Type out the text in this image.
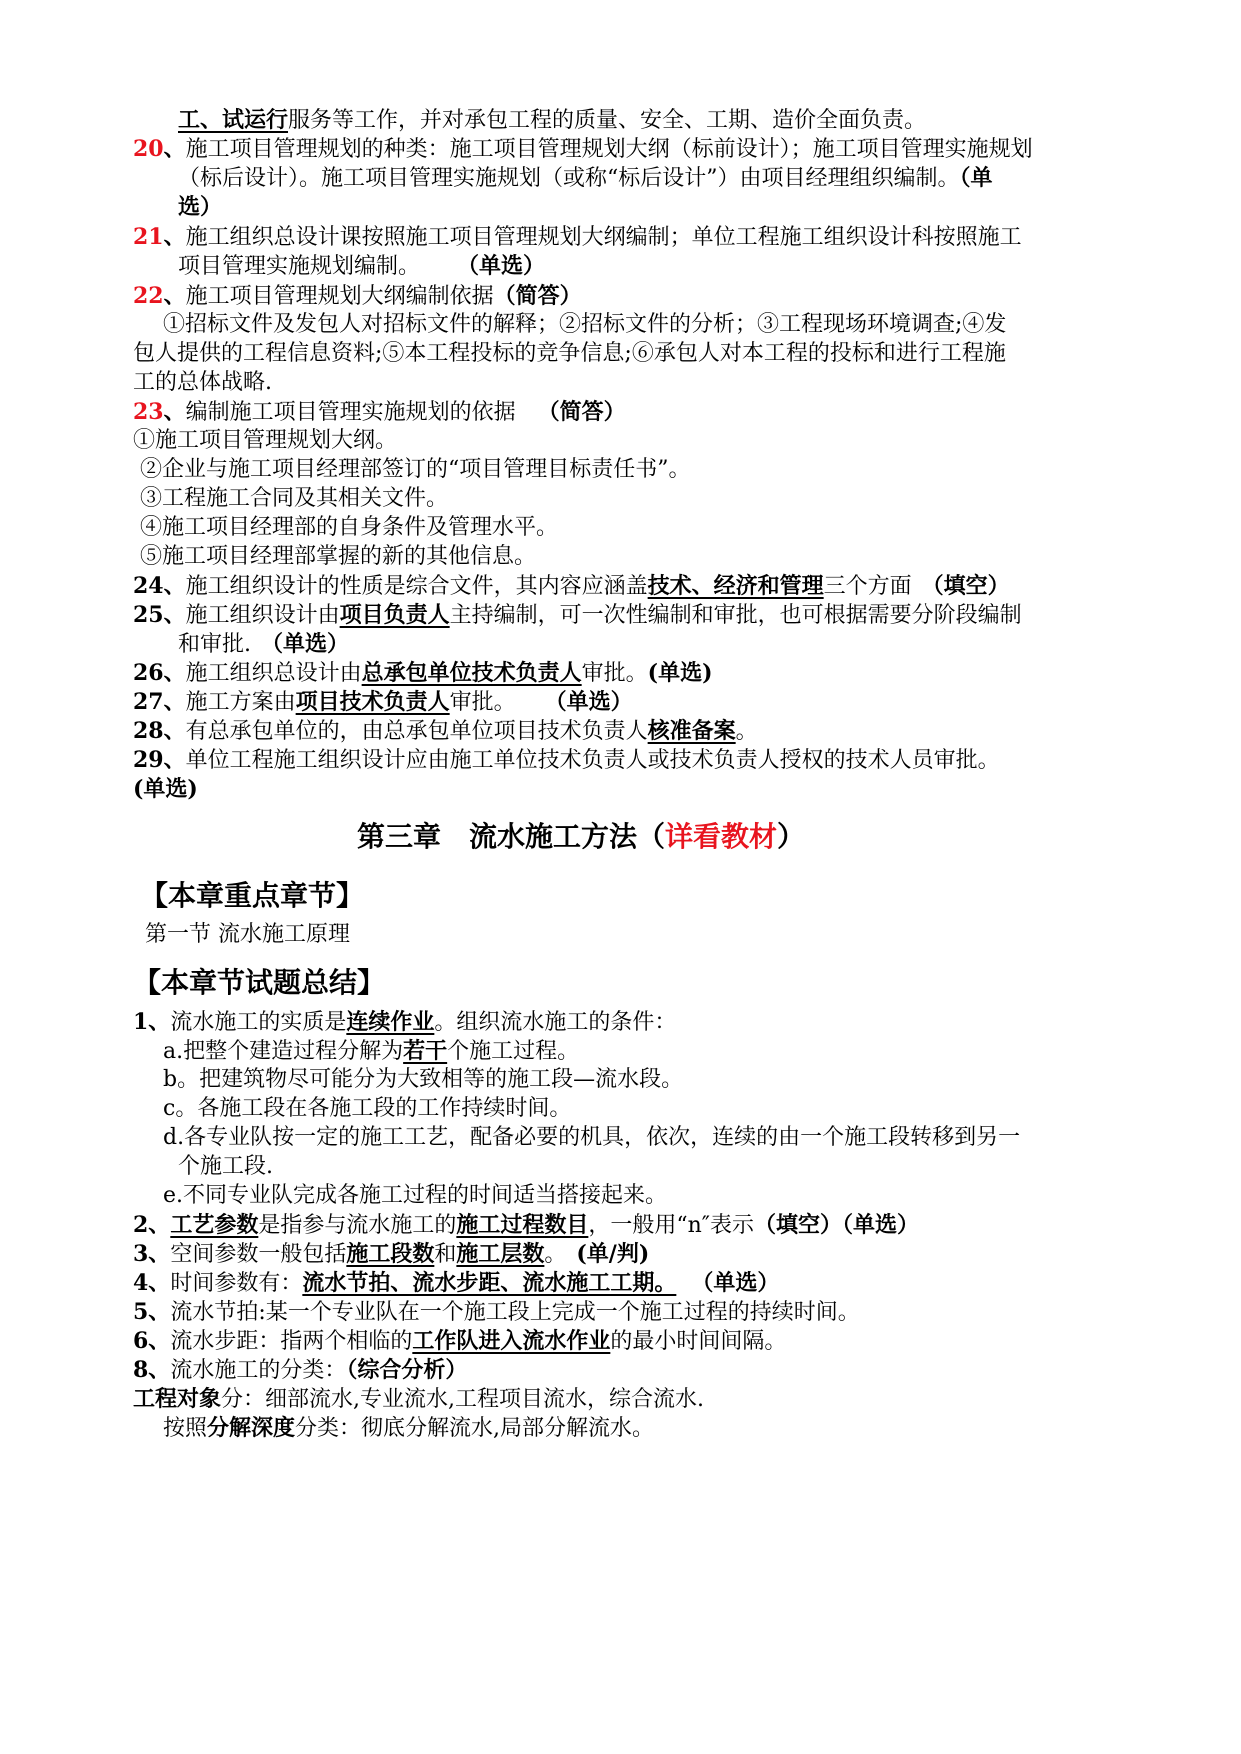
工、试运行服务等工作，并对承包工程的质量、安全、工期、造价全面负责。
20、施工项目管理规划的种类：施工项目管理规划大纲（标前设计）；施工项目管理实施规划
（标后设计）。施工项目管理实施规划（或称“标后设计”）由项目经理组织编制。（单
选）
21、施工组织总设计课按照施工项目管理规划大纲编制；单位工程施工组织设计科按照施工
项目管理实施规划编制。 （单选）
22、施工项目管理规划大纲编制依据（简答）
①招标文件及发包人对招标文件的解释；②招标文件的分析；③工程现场环境调查;④发
包人提供的工程信息资料;⑤本工程投标的竞争信息;⑥承包人对本工程的投标和进行工程施
工的总体战略.
23、编制施工项目管理实施规划的依据 （简答）
①施工项目管理规划大纲。
②企业与施工项目经理部签订的“项目管理目标责任书”。
③工程施工合同及其相关文件。
④施工项目经理部的自身条件及管理水平。
⑤施工项目经理部掌握的新的其他信息。
24、施工组织设计的性质是综合文件，其内容应涵盖技术、经济和管理三个方面 （填空）
25、施工组织设计由项目负责人主持编制，可一次性编制和审批，也可根据需要分阶段编制
和审批. （单选）
26、施工组织总设计由总承包单位技术负责人审批。(单选)
27、施工方案由项目技术负责人审批。 （单选）
28、有总承包单位的，由总承包单位项目技术负责人核准备案。
29、单位工程施工组织设计应由施工单位技术负责人或技术负责人授权的技术人员审批。
(单选)
第三章 流水施工方法（详看教材）
【本章重点章节】
第一节 流水施工原理
【本章节试题总结】
1、流水施工的实质是连续作业。组织流水施工的条件：
a.把整个建造过程分解为若干个施工过程。
b。把建筑物尽可能分为大致相等的施工段—流水段。
c。各施工段在各施工段的工作持续时间。
d.各专业队按一定的施工工艺，配备必要的机具，依次，连续的由一个施工段转移到另一
个施工段.
e.不同专业队完成各施工过程的时间适当搭接起来。
2、工艺参数是指参与流水施工的施工过程数目，一般用“n″表示（填空）（单选）
3、空间参数一般包括施工段数和施工层数。 (单/判)
4、时间参数有：流水节拍、流水步距、流水施工工期。 （单选）
5、流水节拍:某一个专业队在一个施工段上完成一个施工过程的持续时间。
6、流水步距：指两个相临的工作队进入流水作业的最小时间间隔。
8、流水施工的分类：（综合分析）
工程对象分：细部流水,专业流水,工程项目流水，综合流水.
按照分解深度分类：彻底分解流水,局部分解流水。
